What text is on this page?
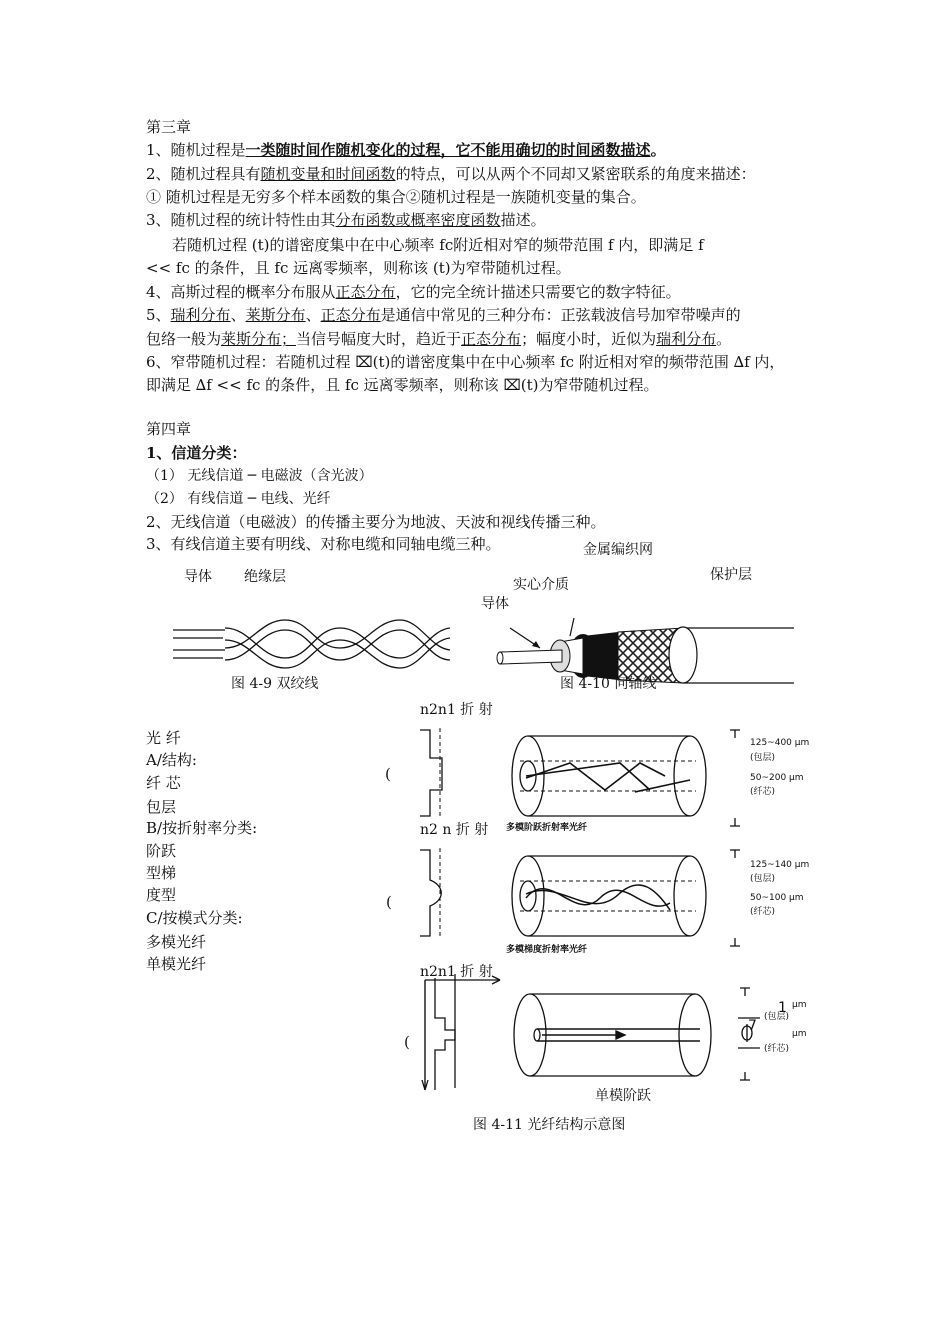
第三章
1、随机过程是一类随时间作随机变化的过程，它不能用确切的时间函数描述。
2、随机过程具有随机变量和时间函数的特点，可以从两个不同却又紧密联系的角度来描述：
① 随机过程是无穷多个样本函数的集合②随机过程是一族随机变量的集合。
3、随机过程的统计特性由其分布函数或概率密度函数描述。
若随机过程 (t)的谱密度集中在中心频率 fc附近相对窄的频带范围 f 内，即满足 f
<< fc 的条件，且 fc 远离零频率，则称该 (t)为窄带随机过程。
4、高斯过程的概率分布服从正态分布，它的完全统计描述只需要它的数字特征。
5、瑞利分布、莱斯分布、正态分布是通信中常见的三种分布：正弦载波信号加窄带噪声的
包络一般为莱斯分布；当信号幅度大时，趋近于正态分布；幅度小时，近似为瑞利分布。
6、窄带随机过程：若随机过程 ⌧(t)的谱密度集中在中心频率 fc 附近相对窄的频带范围 ∆f 内，
即满足 ∆f << fc 的条件，且 fc 远离零频率，则称该 ⌧(t)为窄带随机过程。
第四章
1、信道分类：
（1） 无线信道 ─ 电磁波（含光波）
（2） 有线信道 ─ 电线、光纤
2、无线信道（电磁波）的传播主要分为地波、天波和视线传播三种。
3、有线信道主要有明线、对称电缆和同轴电缆三种。	金属编织网
导体 绝缘层	保护层
实心介质
导体
图 4-9 双绞线	图 4-10 同轴线
光 纤
A/结构:
纤 芯
包层
B/按折射率分类:
阶跃
型梯
度型
C/按模式分类:
多模光纤
单模光纤
n2n1 折 射
n2 n 折 射
n2n1 折 射
(
(
(
多模阶跃折射率光纤
多模梯度折射率光纤
125~400 μm
(包层)
50~200 μm
(纤芯)
125~140 μm
(包层)
50~100 μm
(纤芯)
μm
(包层)
μm
(纤芯)
1
7
单模阶跃
图 4-11 光纤结构示意图
